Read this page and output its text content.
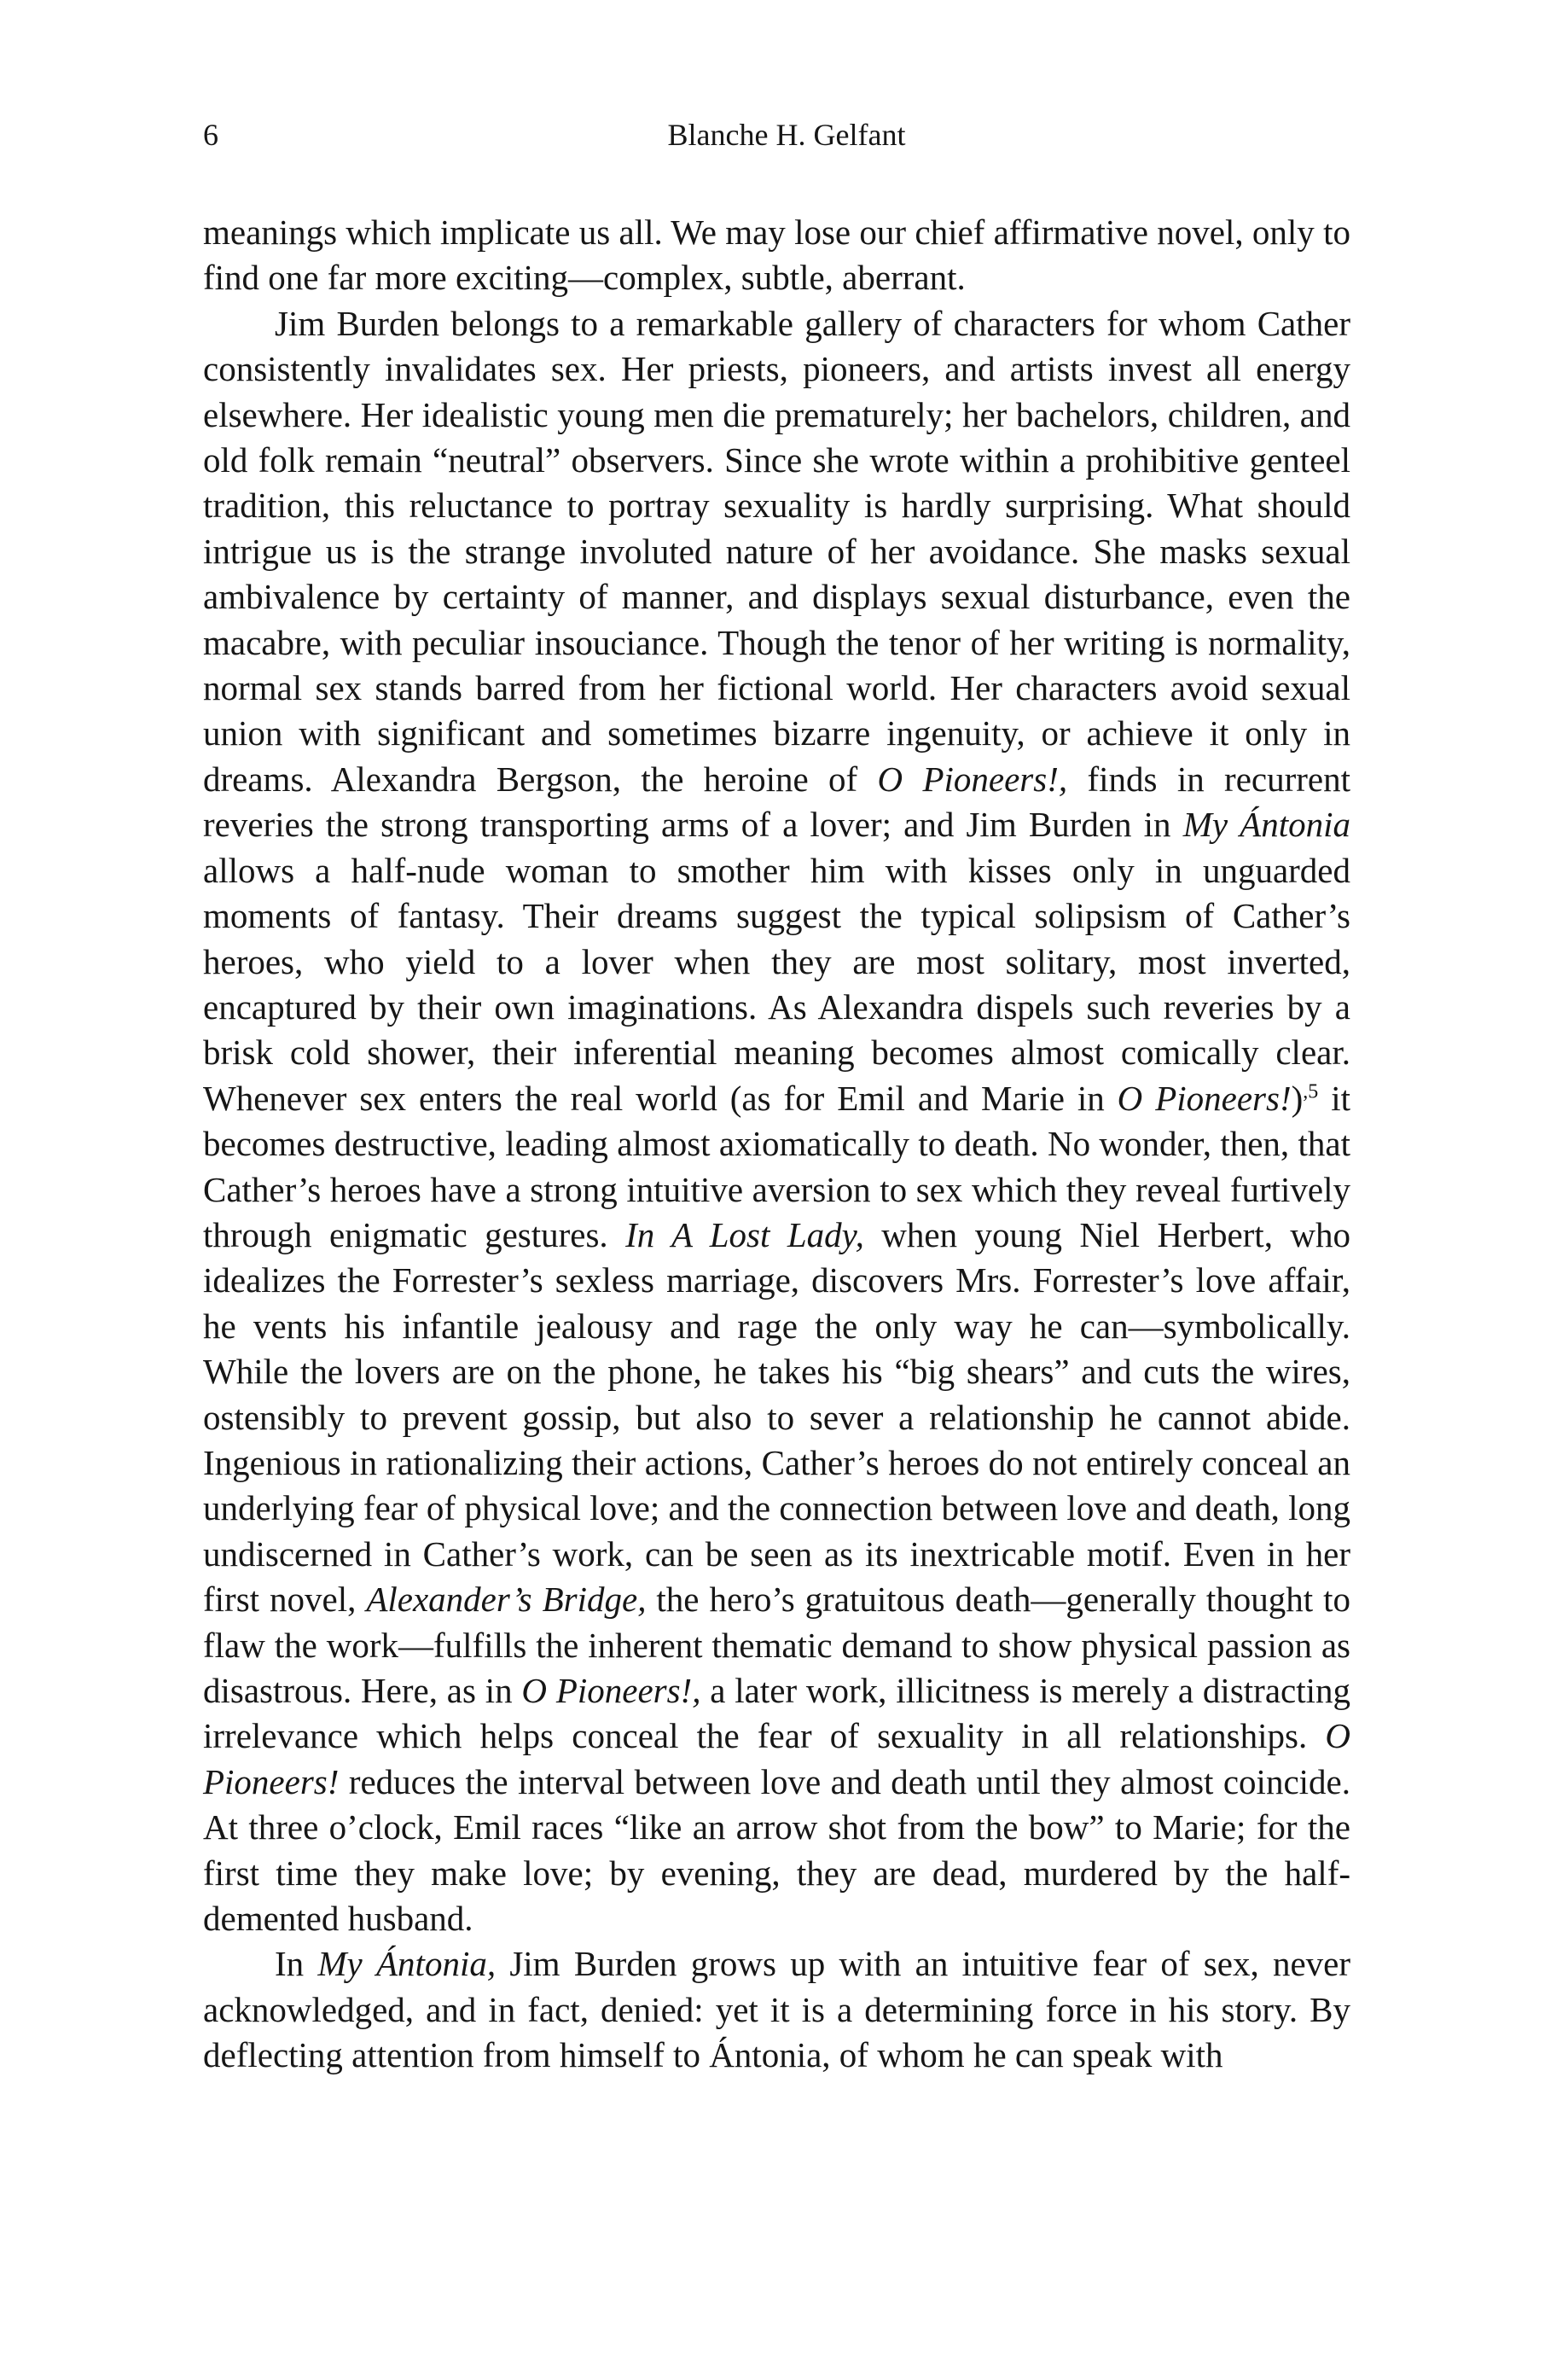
6	Blanche H. Gelfant

meanings which implicate us all. We may lose our chief affirmative novel, only to find one far more exciting—complex, subtle, aberrant.

Jim Burden belongs to a remarkable gallery of characters for whom Cather consistently invalidates sex. Her priests, pioneers, and artists invest all energy elsewhere. Her idealistic young men die prematurely; her bachelors, children, and old folk remain “neutral” observers. Since she wrote within a prohibitive genteel tradition, this reluctance to portray sexuality is hardly surprising. What should intrigue us is the strange involuted nature of her avoidance. She masks sexual ambivalence by certainty of manner, and displays sexual disturbance, even the macabre, with peculiar insouciance. Though the tenor of her writing is normality, normal sex stands barred from her fictional world. Her characters avoid sexual union with significant and sometimes bizarre ingenuity, or achieve it only in dreams. Alexandra Bergson, the heroine of O Pioneers!, finds in recurrent reveries the strong transporting arms of a lover; and Jim Burden in My Ántonia allows a half-nude woman to smother him with kisses only in unguarded moments of fantasy. Their dreams suggest the typical solipsism of Cather’s heroes, who yield to a lover when they are most solitary, most inverted, encaptured by their own imaginations. As Alexandra dispels such reveries by a brisk cold shower, their inferential meaning becomes almost comically clear. Whenever sex enters the real world (as for Emil and Marie in O Pioneers!)$^{,5}$ it becomes destructive, leading almost axiomatically to death. No wonder, then, that Cather’s heroes have a strong intuitive aversion to sex which they reveal furtively through enigmatic gestures. In A Lost Lady, when young Niel Herbert, who idealizes the Forrester’s sexless marriage, discovers Mrs. Forrester’s love affair, he vents his infantile jealousy and rage the only way he can—symbolically. While the lovers are on the phone, he takes his “big shears” and cuts the wires, ostensibly to prevent gossip, but also to sever a relationship he cannot abide. Ingenious in rationalizing their actions, Cather’s heroes do not entirely conceal an underlying fear of physical love; and the connection between love and death, long undiscerned in Cather’s work, can be seen as its inextricable motif. Even in her first novel, Alexander’s Bridge, the hero’s gratuitous death—generally thought to flaw the work—fulfills the inherent thematic demand to show physical passion as disastrous. Here, as in O Pioneers!, a later work, illicitness is merely a distracting irrelevance which helps conceal the fear of sexuality in all relationships. O Pioneers! reduces the interval between love and death until they almost coincide. At three o’clock, Emil races “like an arrow shot from the bow” to Marie; for the first time they make love; by evening, they are dead, murdered by the half-demented husband.

In My Ántonia, Jim Burden grows up with an intuitive fear of sex, never acknowledged, and in fact, denied: yet it is a determining force in his story. By deflecting attention from himself to Ántonia, of whom he can speak with
